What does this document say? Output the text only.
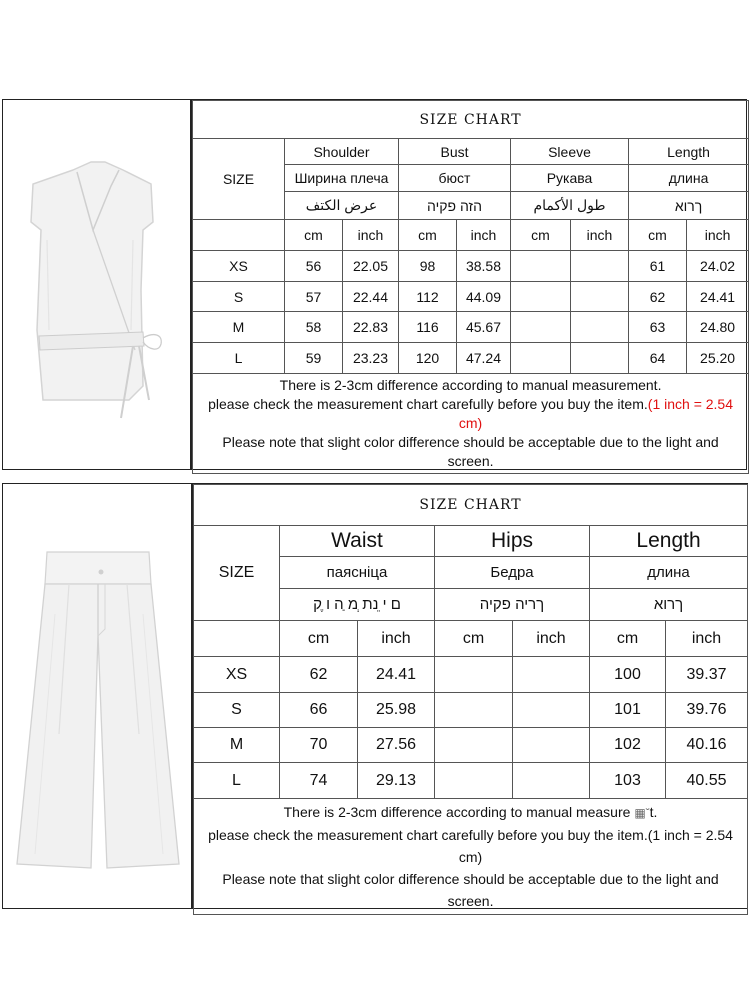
SIZE CHART								
SIZE	Shoulder		Bust		Sleeve		Length	
	Ширина плеча		бюст		Рукава		длина	
	عرض الكتف		הזה פקיה		طول الأكمام		ךרוא	
	cm	inch	cm	inch	cm	inch	cm	inch
XS	56	22.05	98	38.58			61	24.02
S	57	22.44	112	44.09			62	24.41
M	58	22.83	116	45.67			63	24.80
L	59	23.23	120	47.24			64	25.20

There is 2-3cm difference according to manual measurement.
please check the measurement chart carefully before you buy the item.(1 inch = 2.54 cm)
Please note that slight color difference should be acceptable due to the light and screen.								
SIZE CHART						
SIZE	Waist		Hips		Length	
	паясніца		Бедра		длина	
	ם י ֵנת ְמ ַה ו ֶק		ךריה פקיה		ךרוא	
	cm	inch	cm	inch	cm	inch
XS	62	24.41			100	39.37
S	66	25.98			101	39.76
M	70	27.56			102	40.16
L	74	29.13			103	40.55

There is 2-3cm difference according to manual measure ▦ˇt.
please check the measurement chart carefully before you buy the item.(1 inch = 2.54 cm)
Please note that slight color difference should be acceptable due to the light and screen.						
